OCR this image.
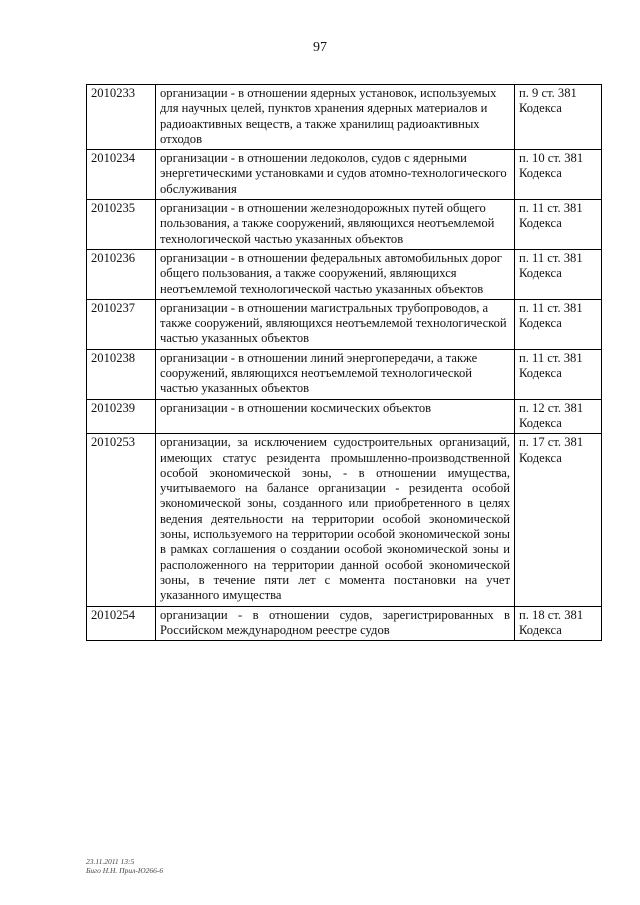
97
2010233	организации - в отношении ядерных установок, используемых для научных целей, пунктов хранения ядерных материалов и радиоактивных веществ, а также хранилищ радиоактивных отходов	п. 9 ст. 381
Кодекса

2010234	организации - в отношении ледоколов, судов с ядерными энергетическими установками и судов атомно-технологического обслуживания	п. 10 ст. 381
Кодекса

2010235	организации - в отношении железнодорожных путей общего пользования, а также сооружений, являющихся неотъемлемой технологической частью указанных объектов	п. 11 ст. 381
Кодекса

2010236	организации - в отношении федеральных автомобильных дорог общего пользования, а также сооружений, являющихся неотъемлемой технологической частью указанных объектов	п. 11 ст. 381
Кодекса

2010237	организации - в отношении магистральных трубопроводов, а также сооружений, являющихся неотъемлемой технологической частью указанных объектов	п. 11 ст. 381
Кодекса

2010238	организации - в отношении линий энергопередачи, а также сооружений, являющихся неотъемлемой технологической частью указанных объектов	п. 11 ст. 381
Кодекса

2010239	организации - в отношении космических объектов	п. 12 ст. 381
Кодекса

2010253	организации, за исключением судостроительных организаций, имеющих статус резидента промышленно-производственной особой экономической зоны, - в отношении имущества, учитываемого на балансе организации - резидента особой экономической зоны, созданного или приобретенного в целях ведения деятельности на территории особой экономической зоны, используемого на территории особой экономической зоны в рамках соглашения о создании особой экономической зоны и расположенного на территории данной особой экономической зоны, в течение пяти лет с момента постановки на учет указанного имущества	п. 17 ст. 381
Кодекса

2010254	организации - в отношении судов, зарегистрированных в Российском международном реестре судов	п. 18 ст. 381
Кодекса
23.11.2011 13:5
Биго Н.Н. Прил-Ю266-6
